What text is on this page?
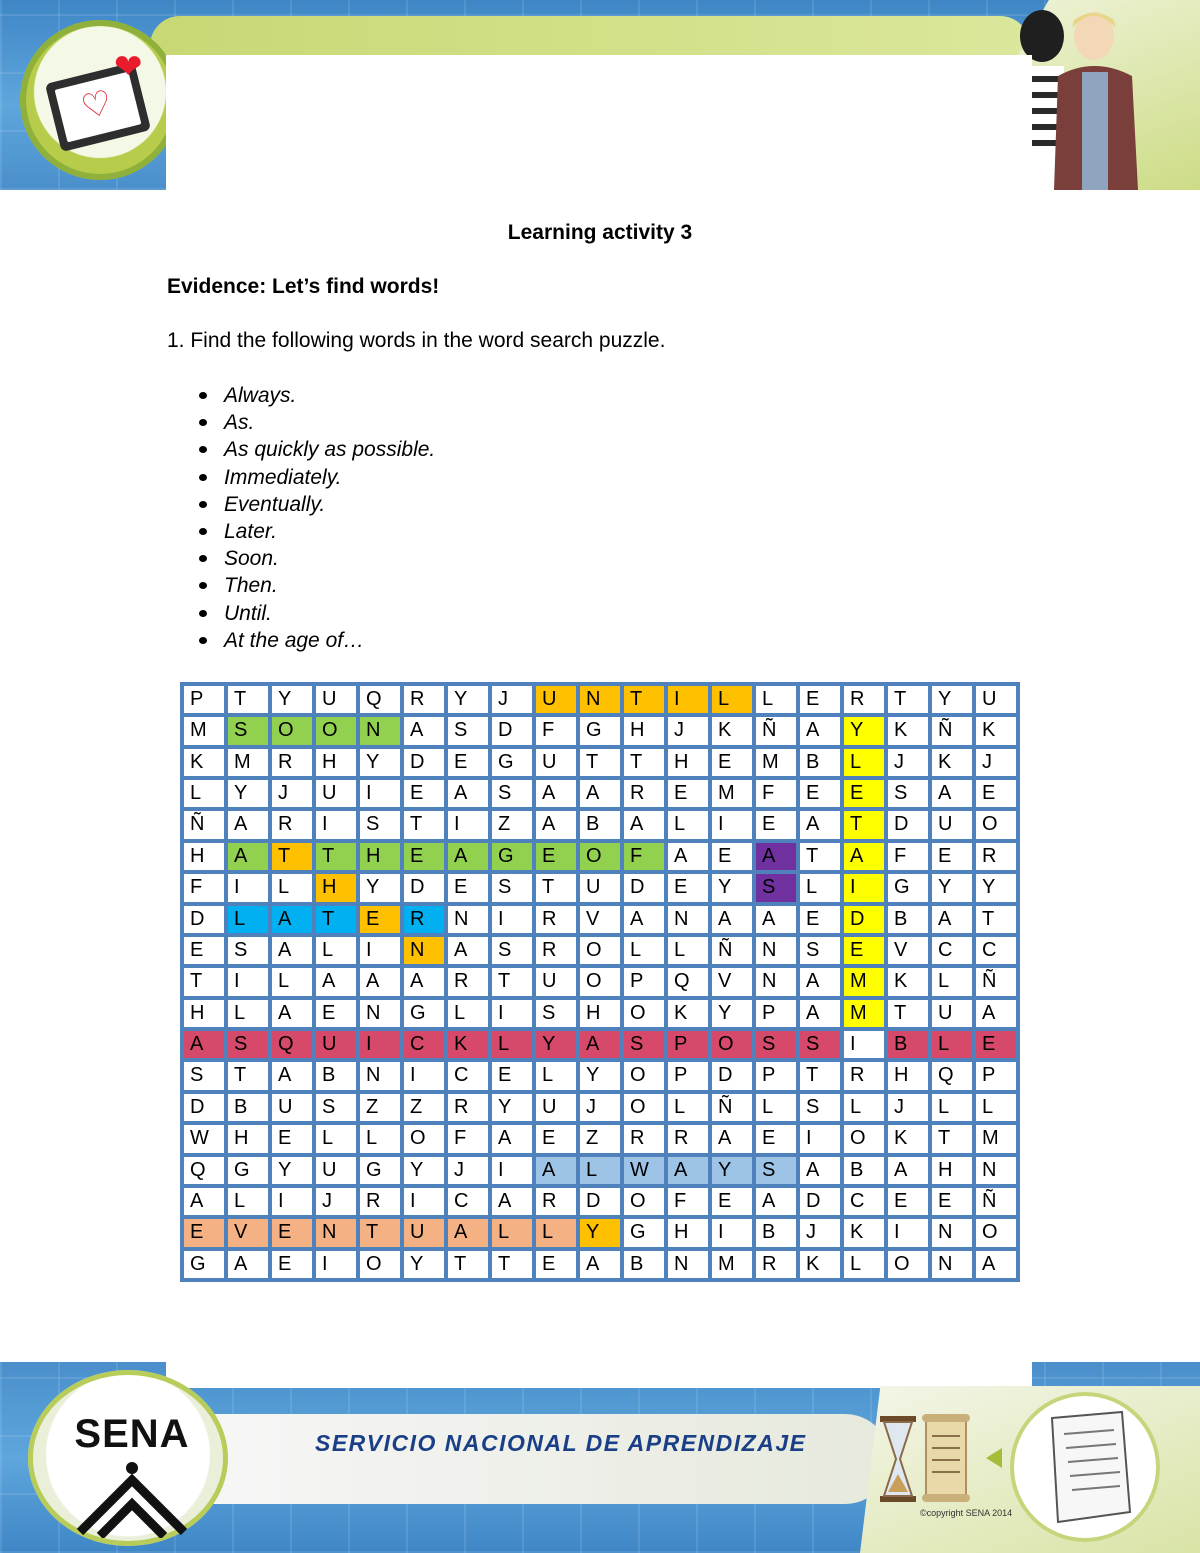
♡
❤
Learning activity 3
Evidence: Let’s find words!
1. Find the following words in the word search puzzle.
Always.
As.
As quickly as possible.
Immediately.
Eventually.
Later.
Soon.
Then.
Until.
At the age of…
P	T	Y	U	Q	R	Y	J	U	N	T	I	L	L	E	R	T	Y	U
M	S	O	O	N	A	S	D	F	G	H	J	K	Ñ	A	Y	K	Ñ	K
K	M	R	H	Y	D	E	G	U	T	T	H	E	M	B	L	J	K	J
L	Y	J	U	I	E	A	S	A	A	R	E	M	F	E	E	S	A	E
Ñ	A	R	I	S	T	I	Z	A	B	A	L	I	E	A	T	D	U	O
H	A	T	T	H	E	A	G	E	O	F	A	E	A	T	A	F	E	R
F	I	L	H	Y	D	E	S	T	U	D	E	Y	S	L	I	G	Y	Y
D	L	A	T	E	R	N	I	R	V	A	N	A	A	E	D	B	A	T
E	S	A	L	I	N	A	S	R	O	L	L	Ñ	N	S	E	V	C	C
T	I	L	A	A	A	R	T	U	O	P	Q	V	N	A	M	K	L	Ñ
H	L	A	E	N	G	L	I	S	H	O	K	Y	P	A	M	T	U	A
A	S	Q	U	I	C	K	L	Y	A	S	P	O	S	S	I	B	L	E
S	T	A	B	N	I	C	E	L	Y	O	P	D	P	T	R	H	Q	P
D	B	U	S	Z	Z	R	Y	U	J	O	L	Ñ	L	S	L	J	L	L
W	H	E	L	L	O	F	A	E	Z	R	R	A	E	I	O	K	T	M
Q	G	Y	U	G	Y	J	I	A	L	W	A	Y	S	A	B	A	H	N
A	L	I	J	R	I	C	A	R	D	O	F	E	A	D	C	E	E	Ñ
E	V	E	N	T	U	A	L	L	Y	G	H	I	B	J	K	I	N	O
G	A	E	I	O	Y	T	T	E	A	B	N	M	R	K	L	O	N	A
SENA	SERVICIO NACIONAL DE APRENDIZAJE
©copyright SENA 2014
